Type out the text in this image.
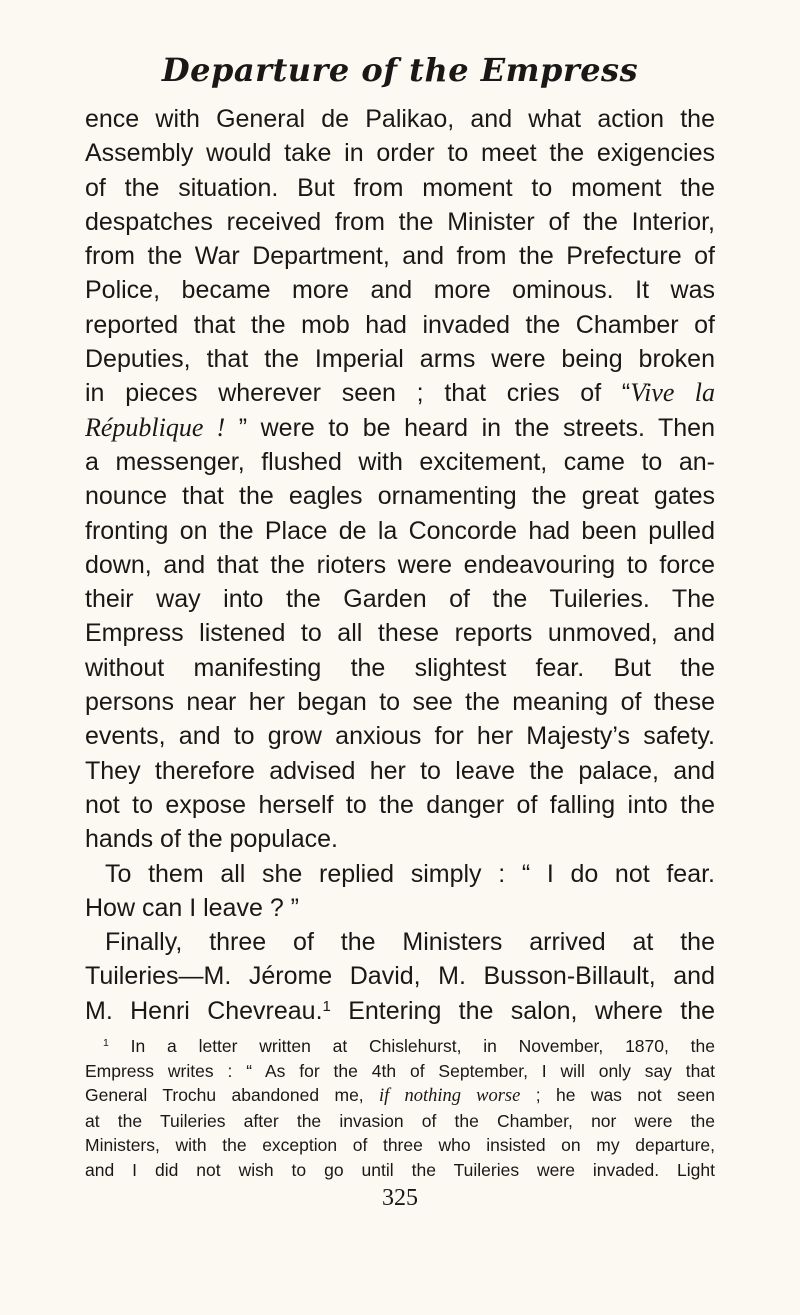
Departure of the Empress
ence with General de Palikao, and what action the
Assembly would take in order to meet the exigencies
of the situation. But from moment to moment the
despatches received from the Minister of the Interior,
from the War Department, and from the Prefecture of
Police, became more and more ominous. It was
reported that the mob had invaded the Chamber of
Deputies, that the Imperial arms were being broken
in pieces wherever seen ; that cries of “Vive la
République ! ” were to be heard in the streets. Then
a messenger, flushed with excitement, came to an-
nounce that the eagles ornamenting the great gates
fronting on the Place de la Concorde had been pulled
down, and that the rioters were endeavouring to force
their way into the Garden of the Tuileries. The
Empress listened to all these reports unmoved, and
without manifesting the slightest fear. But the
persons near her began to see the meaning of these
events, and to grow anxious for her Majesty’s safety.
They therefore advised her to leave the palace, and
not to expose herself to the danger of falling into the
hands of the populace.
To them all she replied simply : “ I do not fear.
How can I leave ? ”
Finally, three of the Ministers arrived at the
Tuileries—M. Jérome David, M. Busson-Billault, and
M. Henri Chevreau.$^1$ Entering the salon, where the
$^1$ In a letter written at Chislehurst, in November, 1870, the
Empress writes : “ As for the 4th of September, I will only say that
General Trochu abandoned me, if nothing worse ; he was not seen
at the Tuileries after the invasion of the Chamber, nor were the
Ministers, with the exception of three who insisted on my departure,
and I did not wish to go until the Tuileries were invaded. Light
325
